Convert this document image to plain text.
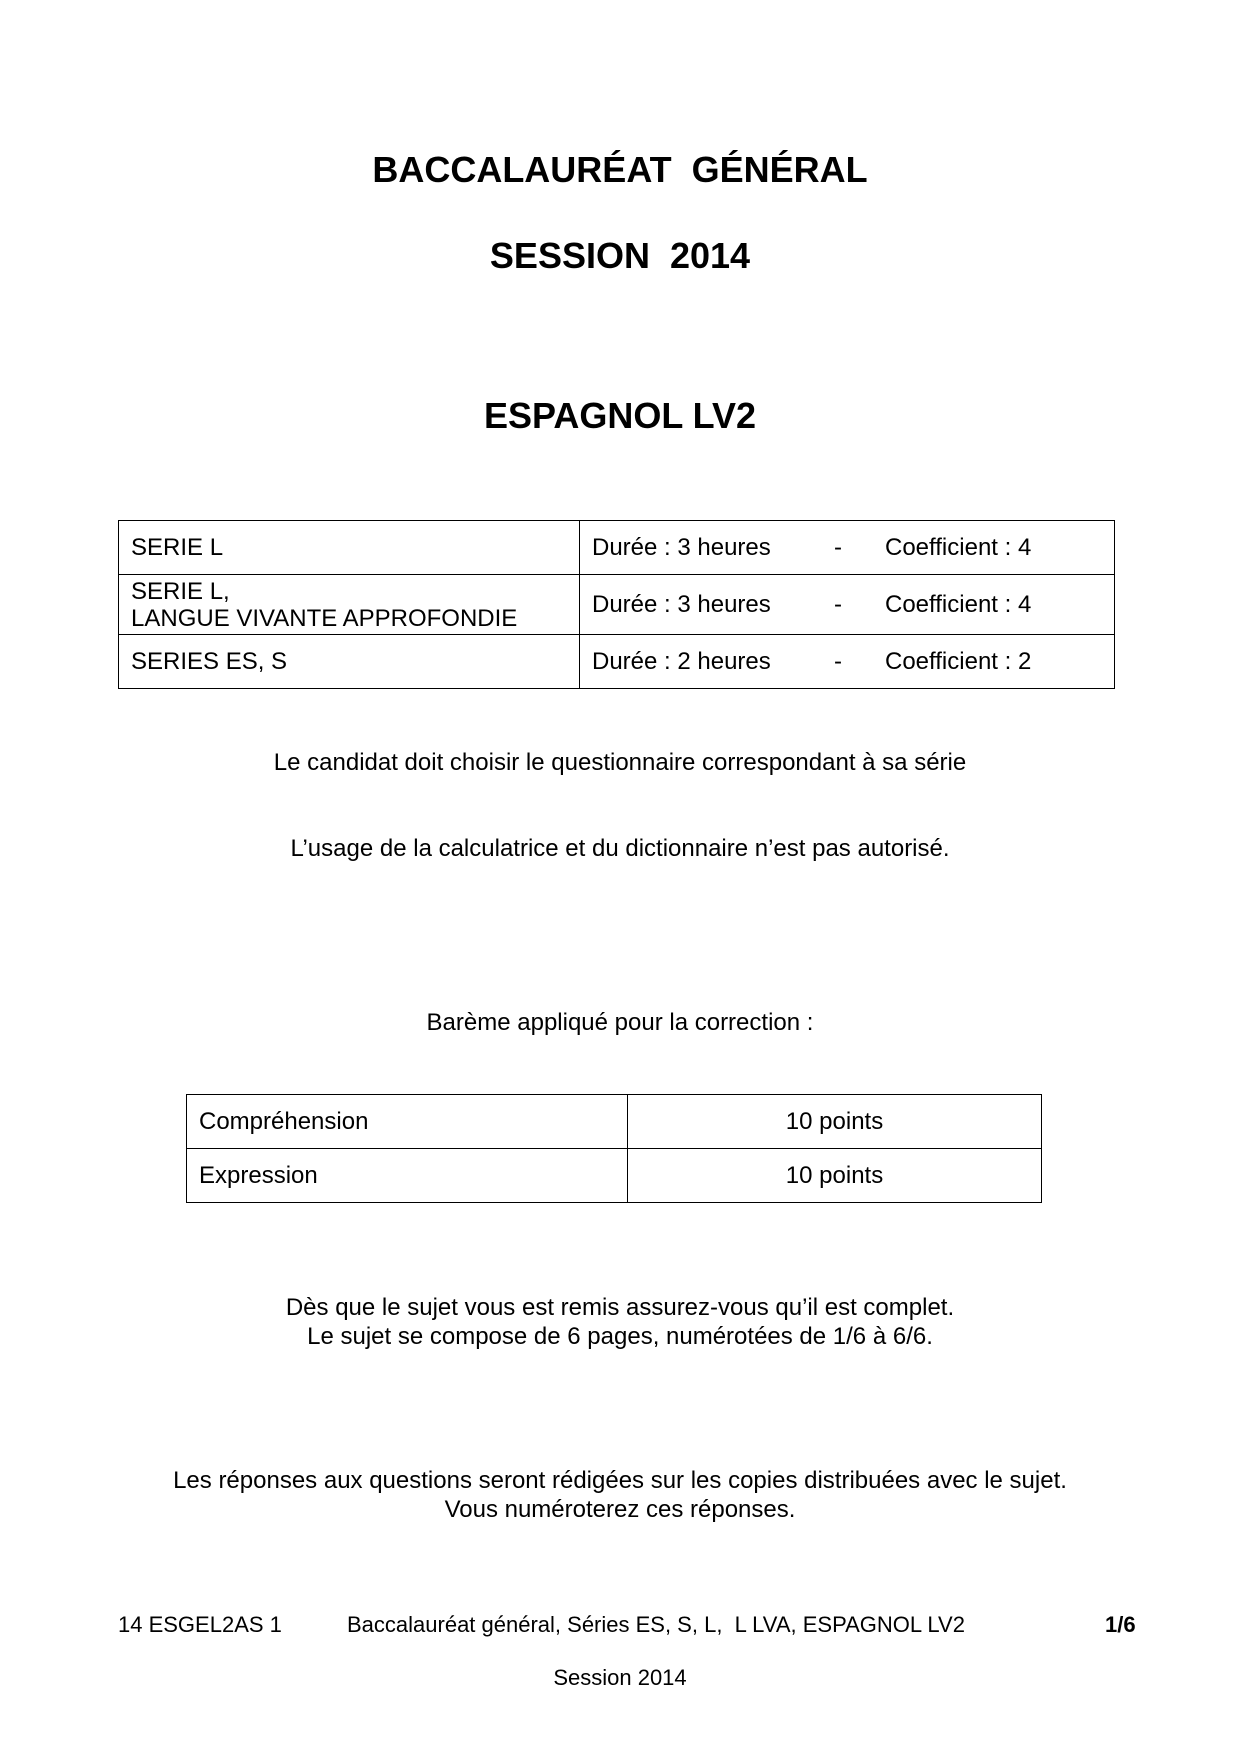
BACCALAURÉAT  GÉNÉRAL
SESSION  2014
ESPAGNOL LV2
SERIE L	Durée : 3 heures - Coefficient : 4

SERIE L,
LANGUE VIVANTE APPROFONDIE	Durée : 3 heures - Coefficient : 4
SERIES ES, S	Durée : 2 heures - Coefficient : 2
Le candidat doit choisir le questionnaire correspondant à sa série
L’usage de la calculatrice et du dictionnaire n’est pas autorisé.
Barème appliqué pour la correction :
Compréhension	10 points
Expression	10 points
Dès que le sujet vous est remis assurez-vous qu’il est complet.
Le sujet se compose de 6 pages, numérotées de 1/6 à 6/6.
Les réponses aux questions seront rédigées sur les copies distribuées avec le sujet.
Vous numéroterez ces réponses.
14 ESGEL2AS 1	Baccalauréat général, Séries ES, S, L,  L LVA, ESPAGNOL LV2	1/6
Session 2014
